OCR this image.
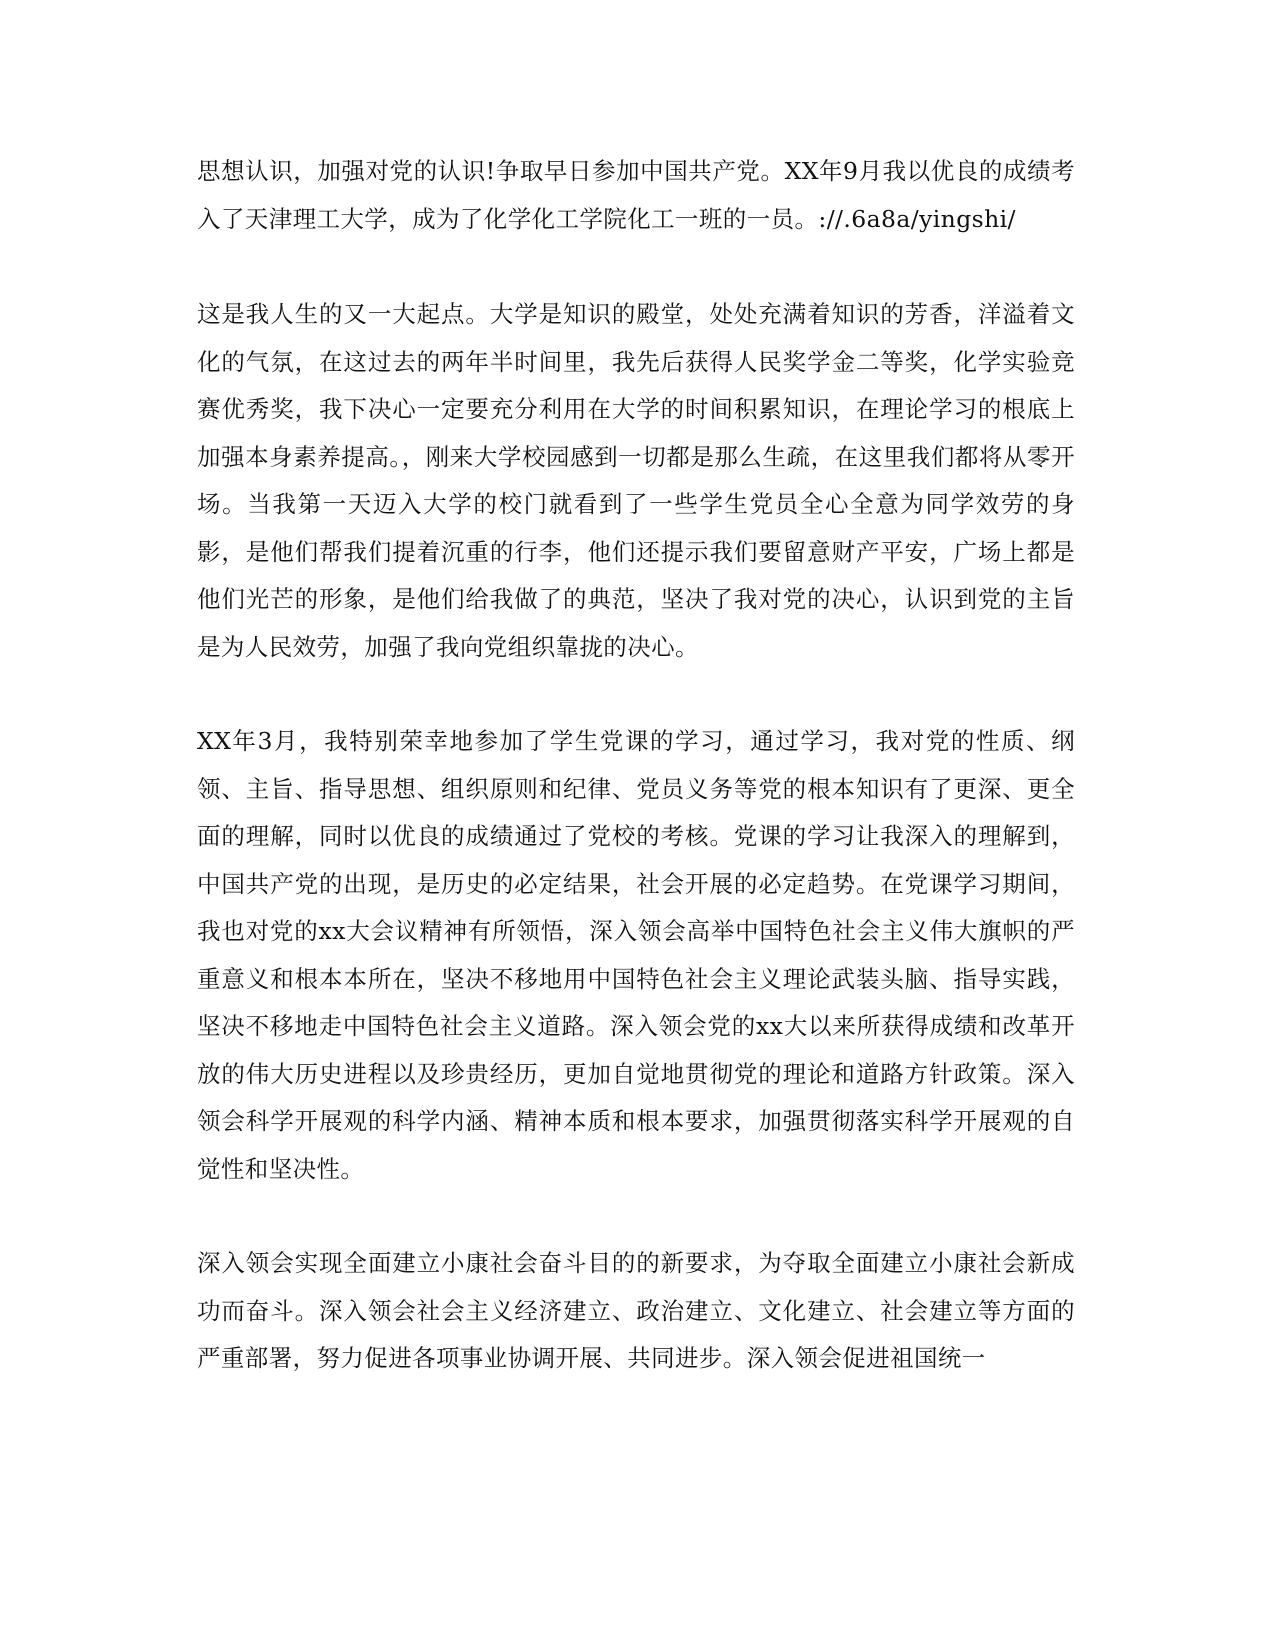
思想认识，加强对党的认识!争取早日参加中国共产党。XX年9月我以优良的成绩考入了天津理工大学，成为了化学化工学院化工一班的一员。://.6a8a/yingshi/

这是我人生的又一大起点。大学是知识的殿堂，处处充满着知识的芳香，洋溢着文化的气氛，在这过去的两年半时间里，我先后获得人民奖学金二等奖，化学实验竞赛优秀奖，我下决心一定要充分利用在大学的时间积累知识，在理论学习的根底上加强本身素养提高。，刚来大学校园感到一切都是那么生疏，在这里我们都将从零开场。当我第一天迈入大学的校门就看到了一些学生党员全心全意为同学效劳的身影，是他们帮我们提着沉重的行李，他们还提示我们要留意财产平安，广场上都是他们光芒的形象，是他们给我做了的典范，坚决了我对党的决心，认识到党的主旨是为人民效劳，加强了我向党组织靠拢的决心。

XX年3月，我特别荣幸地参加了学生党课的学习，通过学习，我对党的性质、纲领、主旨、指导思想、组织原则和纪律、党员义务等党的根本知识有了更深、更全面的理解，同时以优良的成绩通过了党校的考核。党课的学习让我深入的理解到，中国共产党的出现，是历史的必定结果，社会开展的必定趋势。在党课学习期间，我也对党的xx大会议精神有所领悟，深入领会高举中国特色社会主义伟大旗帜的严重意义和根本本所在，坚决不移地用中国特色社会主义理论武装头脑、指导实践，坚决不移地走中国特色社会主义道路。深入领会党的xx大以来所获得成绩和改革开放的伟大历史进程以及珍贵经历，更加自觉地贯彻党的理论和道路方针政策。深入领会科学开展观的科学内涵、精神本质和根本要求，加强贯彻落实科学开展观的自觉性和坚决性。

深入领会实现全面建立小康社会奋斗目的的新要求，为夺取全面建立小康社会新成功而奋斗。深入领会社会主义经济建立、政治建立、文化建立、社会建立等方面的严重部署，努力促进各项事业协调开展、共同进步。深入领会促进祖国统一
